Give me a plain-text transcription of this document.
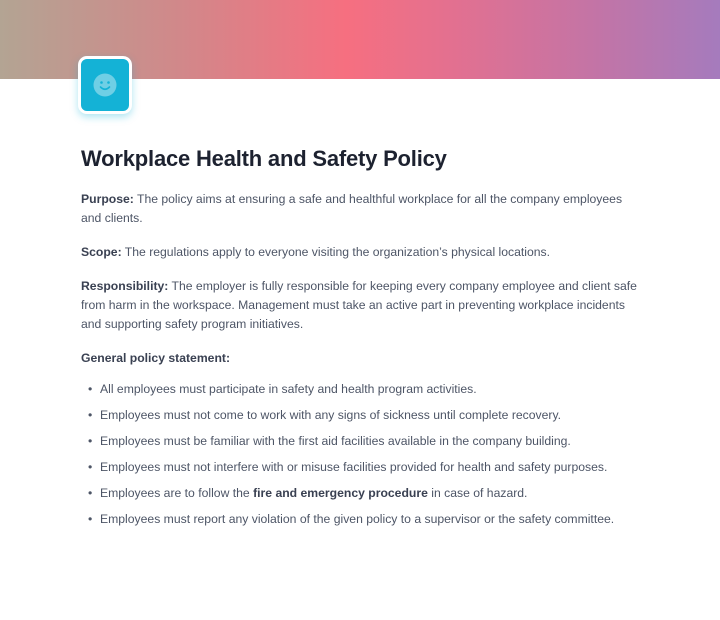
Workplace Health and Safety Policy

Purpose: The policy aims at ensuring a safe and healthful workplace for all the company employees and clients.

Scope: The regulations apply to everyone visiting the organization’s physical locations.

Responsibility: The employer is fully responsible for keeping every company employee and client safe from harm in the workspace. Management must take an active part in preventing workplace incidents and supporting safety program initiatives.

General policy statement:

• All employees must participate in safety and health program activities.
• Employees must not come to work with any signs of sickness until complete recovery.
• Employees must be familiar with the first aid facilities available in the company building.
• Employees must not interfere with or misuse facilities provided for health and safety purposes.
• Employees are to follow the fire and emergency procedure in case of hazard.
• Employees must report any violation of the given policy to a supervisor or the safety committee.
